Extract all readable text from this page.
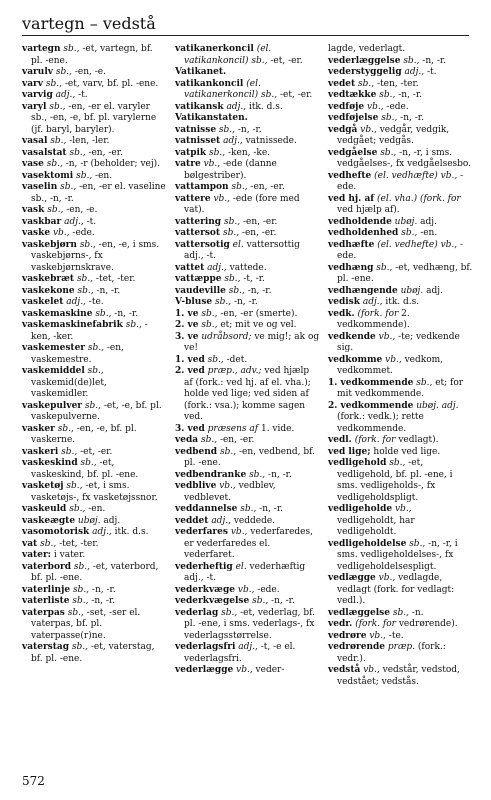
vartegn – vedstå

vartegn sb., -et, vartegn, bf. pl. -ene.

varulv sb., -en, -e.

varv sb., -et, varv, bf. pl. -ene.

varvig adj., -t.

varyl sb., -en, -er el. varyler sb., -en, -e, bf. pl. varylerne (jf. baryl, baryler).

vasal sb., -len, -ler.

vasalstat sb., -en, -er.

vase sb., -n, -r (beholder; vej).

vasektomi sb., -en.

vaselin sb., -en, -er el. vaseline sb., -n, -r.

vask sb., -en, -e.

vaskbar adj., -t.

vaske vb., -ede.

vaskebjørn sb., -en, -e, i sms. vaskebjørns-, fx vaskebjørnskrave.

vaskebræt sb., -tet, -ter.

vaskekone sb., -n, -r.

vaskelet adj., -te.

vaskemaskine sb., -n, -r.

vaskemaskinefabrik sb., -ken, -ker.

vaskemester sb., -en, vaskemestre.

vaskemiddel sb., vaskemid(de)let, vaskemidler.

vaskepulver sb., -et, -e, bf. pl. vaskepulverne.

vasker sb., -en, -e, bf. pl. vaskerne.

vaskeri sb., -et, -er.

vaskeskind sb., -et, vaskeskind, bf. pl. -ene.

vasketøj sb., -et, i sms. vasketøjs-, fx vasketøjssnor.

vaskeuld sb., -en.

vaskeægte ubøj. adj.

vasomotorisk adj., itk. d.s.

vat sb., -tet, -ter.

vater: i vater.

vaterbord sb., -et, vaterbord, bf. pl. -ene.

vaterlinje sb., -n, -r.

vaterliste sb., -n, -r.

vaterpas sb., -set, -ser el. vaterpas, bf. pl. vaterpasse(r)ne.

vaterstag sb., -et, vaterstag, bf. pl. -ene.

vatikanerkoncil (el. vatikankoncil) sb., -et, -er.

Vatikanet.

vatikankoncil (el. vatikanerkoncil) sb., -et, -er.

vatikansk adj., itk. d.s.

Vatikanstaten.

vatnisse sb., -n, -r.

vatnisset adj., vatnissede.

vatpik sb., -ken, -ke.

vatre vb., -ede (danne bølgestriber).

vattampon sb., -en, -er.

vattere vb., -ede (fore med vat).

vattering sb., -en, -er.

vattersot sb., -en, -er.

vattersotig el. vattersottig adj., -t.

vattet adj., vattede.

vattæppe sb., -t, -r.

vaudeville sb., -n, -r.

V-bluse sb., -n, -r.

1. ve sb., -en, -er (smerte).

2. ve sb., et; mit ve og vel.

3. ve udråbsord; ve mig!; ak og ve!

1. ved sb., -det.

2. ved præp., adv.; ved hjælp af (fork.: ved hj. af el. vha.); holde ved lige; ved siden af (fork.: vsa.); komme sagen ved.

3. ved præsens af 1. vide.

veda sb., -en, -er.

vedbend sb., -en, vedbend, bf. pl. -ene.

vedbendranke sb., -n, -r.

vedblive vb., vedblev, vedblevet.

veddannelse sb., -n, -r.

veddet adj., veddede.

vederfares vb., vederfaredes, er vederfaredes el. vederfaret.

vederheftig el. vederhæftig adj., -t.

vederkvæge vb., -ede.

vederkvægelse sb., -n, -r.

vederlag sb., -et, vederlag, bf. pl. -ene, i sms. vederlags-, fx vederlagsstørrelse.

vederlagsfri adj., -t, -e el. vederlagsfri.

vederlægge vb., veder-

lagde, vederlagt.

vederlæggelse sb., -n, -r.

vederstyggelig adj., -t.

vedet sb., -ten, -ter.

vedtække sb., -n, -r.

vedføje vb., -ede.

vedføjelse sb., -n, -r.

vedgå vb., vedgår, vedgik, vedgået; vedgås.

vedgåelse sb., -n, -r, i sms. vedgåelses-, fx vedgåelsesbo.

vedhefte (el. vedhæfte) vb., -ede.

ved hj. af (el. vha.) (fork. for ved hjælp af).

vedholdende ubøj. adj.

vedholdenhed sb., -en.

vedhæfte (el. vedhefte) vb., -ede.

vedhæng sb., -et, vedhæng, bf. pl. -ene.

vedhængende ubøj. adj.

vedisk adj., itk. d.s.

vedk. (fork. for 2. vedkommende).

vedkende vb., -te; vedkende sig.

vedkomme vb., vedkom, vedkommet.

1. vedkommende sb., et; for mit vedkommende.

2. vedkommende ubøj. adj. (fork.: vedk.); rette vedkommende.

vedl. (fork. for vedlagt).

ved lige; holde ved lige.

vedligehold sb., -et, vedligehold, bf. pl. -ene, i sms. vedligeholds-, fx vedligeholdspligt.

vedligeholde vb., vedligeholdt, har vedligeholdt.

vedligeholdelse sb., -n, -r, i sms. vedligeholdelses-, fx vedligeholdelsespligt.

vedlægge vb., vedlagde, vedlagt (fork. for vedlagt: vedl.).

vedlæggelse sb., -n.

vedr. (fork. for vedrørende).

vedrøre vb., -te.

vedrørende præp. (fork.: vedr.).

vedstå vb., vedstår, vedstod, vedstået; vedstås.

572
